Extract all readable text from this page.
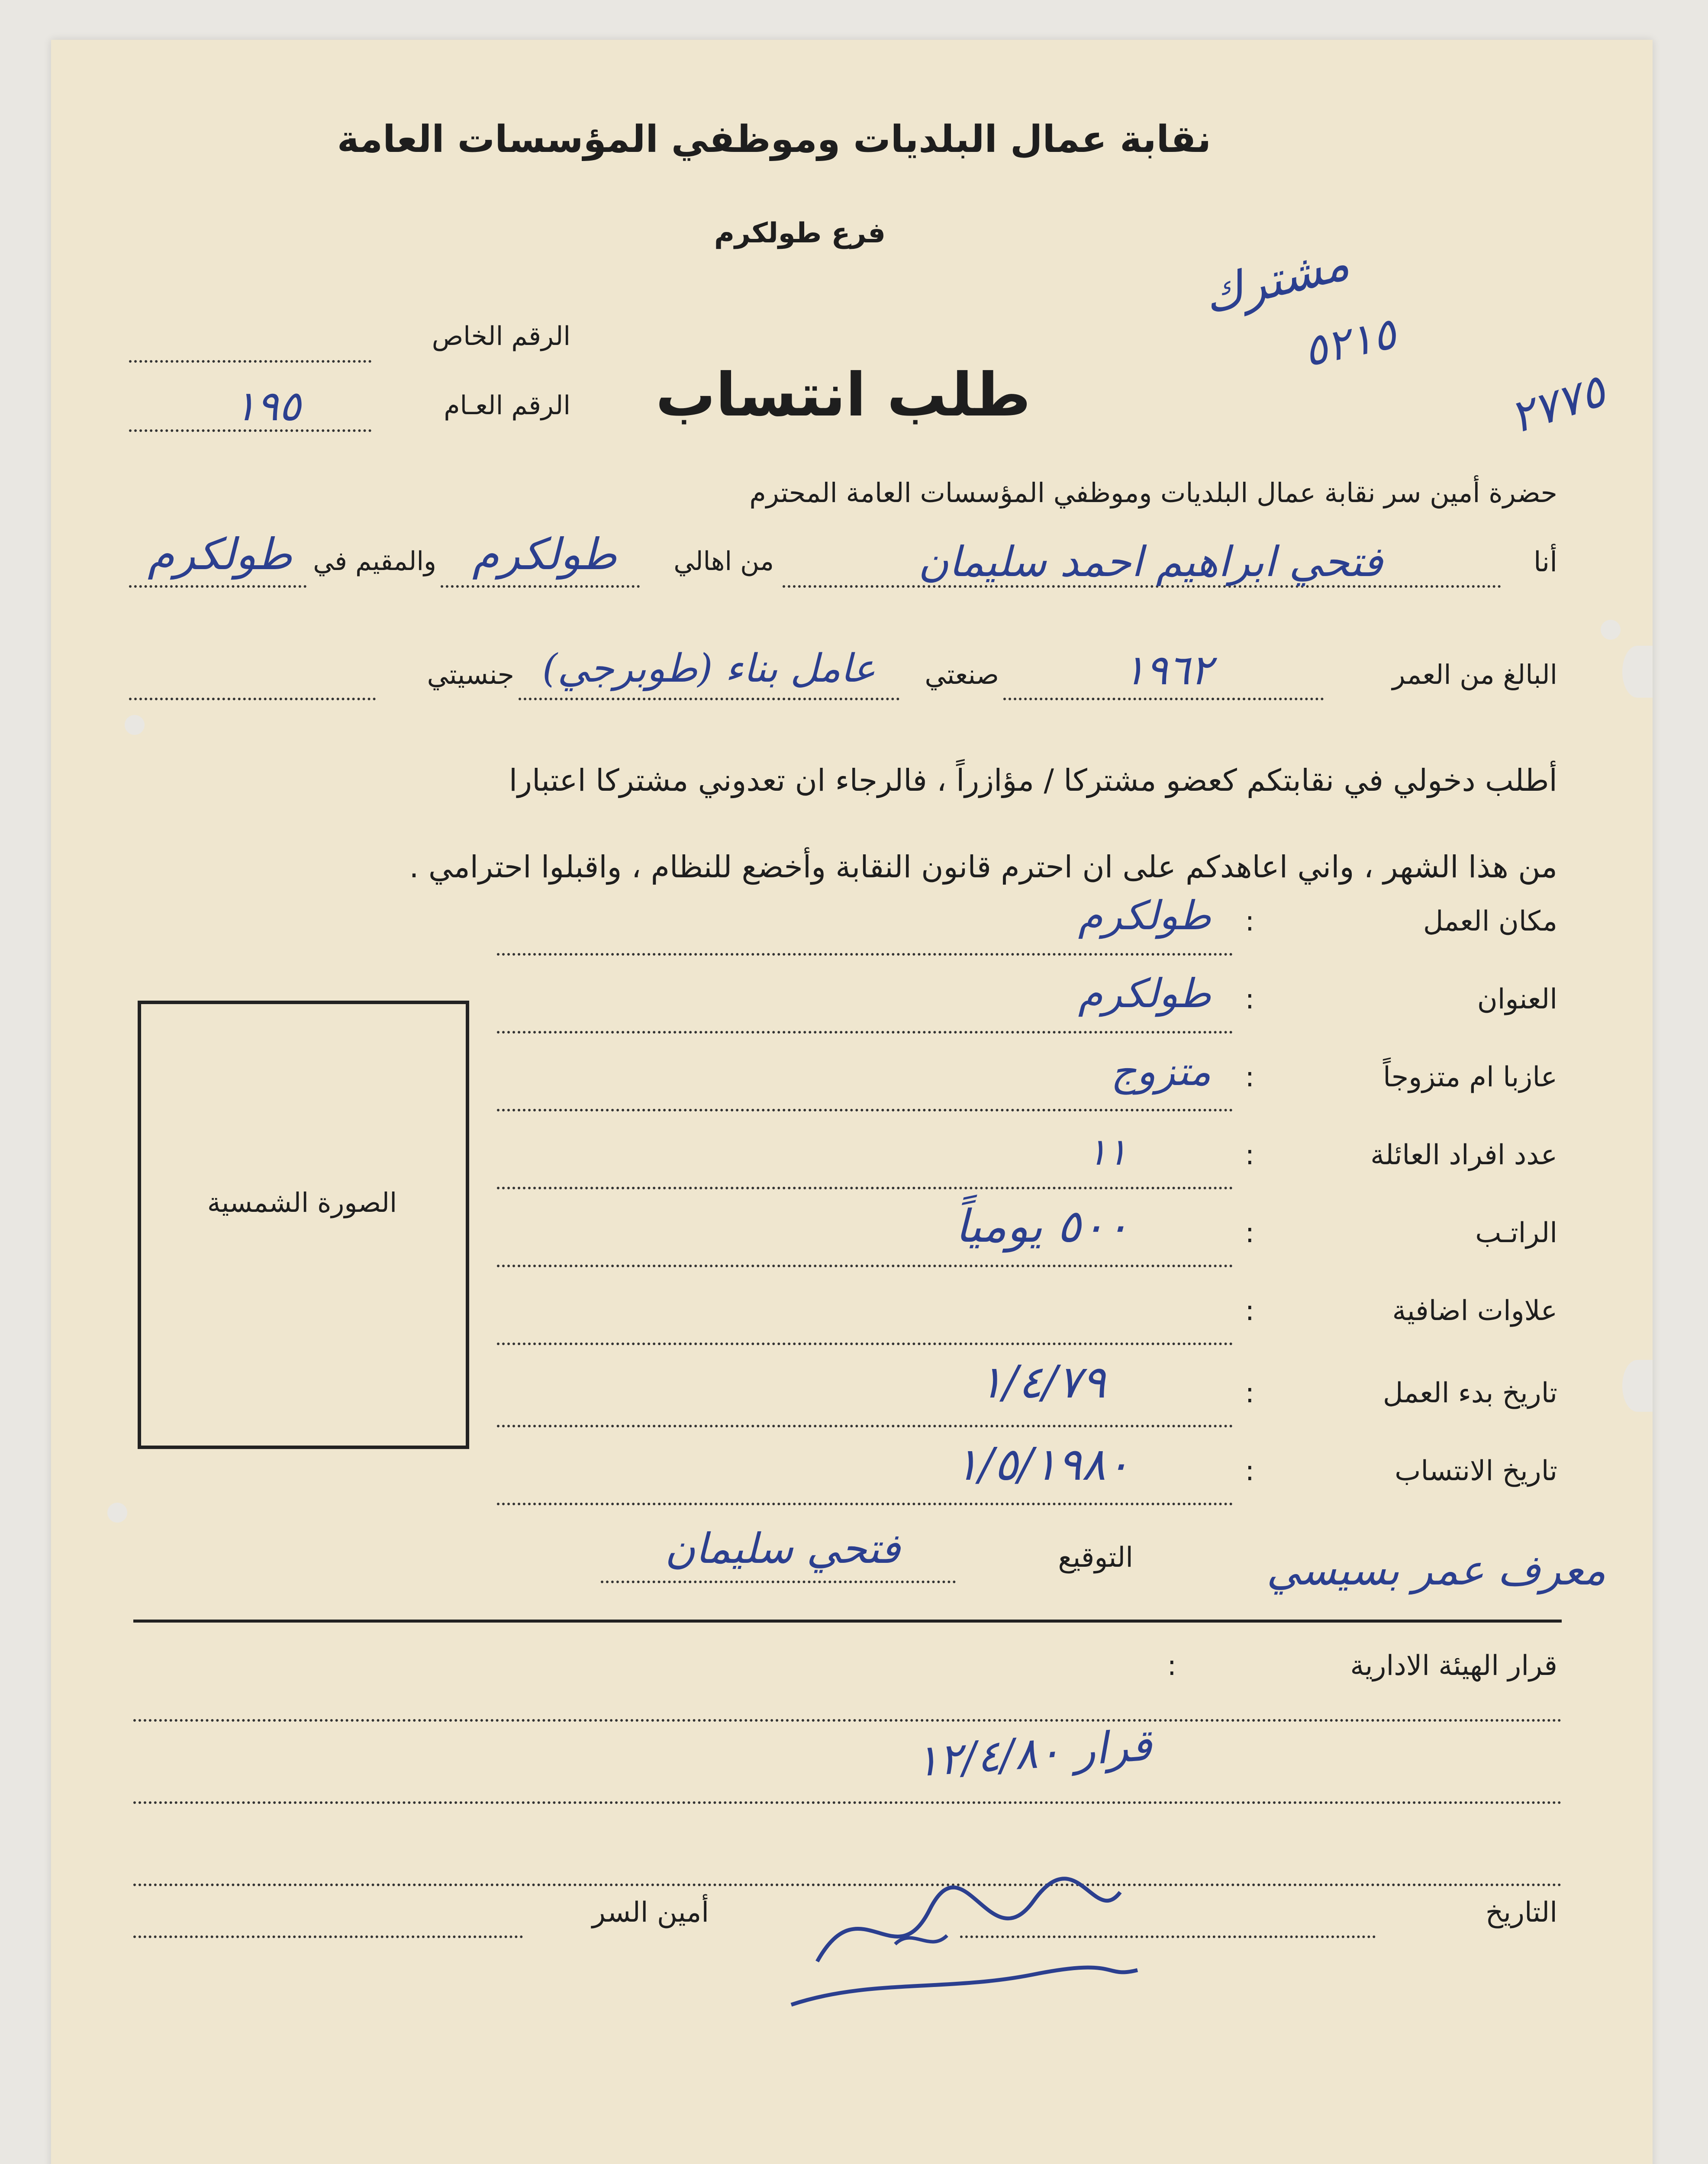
نقابة عمال البلديات وموظفي المؤسسات العامة
فرع طولكرم
الرقم الخاص
الرقم العـام
١٩٥	طلب انتساب
مشترك
٥٢١٥
٢٧٧٥
حضرة أمين سر نقابة عمال البلديات وموظفي المؤسسات العامة المحترم
أنا
فتحي ابراهيم احمد سليمان
من اهالي
طولكرم
والمقيم في
طولكرم
البالغ من العمر
١٩٦٢
صنعتي
عامل بناء (طوبرجي)
جنسيتي
أطلب دخولي في نقابتكم كعضو مشتركا / مؤازراً ، فالرجاء ان تعدوني مشتركا اعتبارا
من هذا الشهر ، واني اعاهدكم على ان احترم قانون النقابة وأخضع للنظام ، واقبلوا احترامي .
الصورة الشمسية
مكان العمل
:
طولكرم
العنوان
:
طولكرم
عازبا ام متزوجاً
:
متزوج
عدد افراد العائلة
:
١١
الراتـب
:
٥٠٠ يومياً
علاوات اضافية
:
تاريخ بدء العمل
:
١/٤/٧٩
تاريخ الانتساب
:
١/٥/١٩٨٠
التوقيع
فتحي سليمان	معرف عمر بسيسي
قرار الهيئة الادارية
:
قرار ١٢/٤/٨٠
التاريخ
أمين السر
